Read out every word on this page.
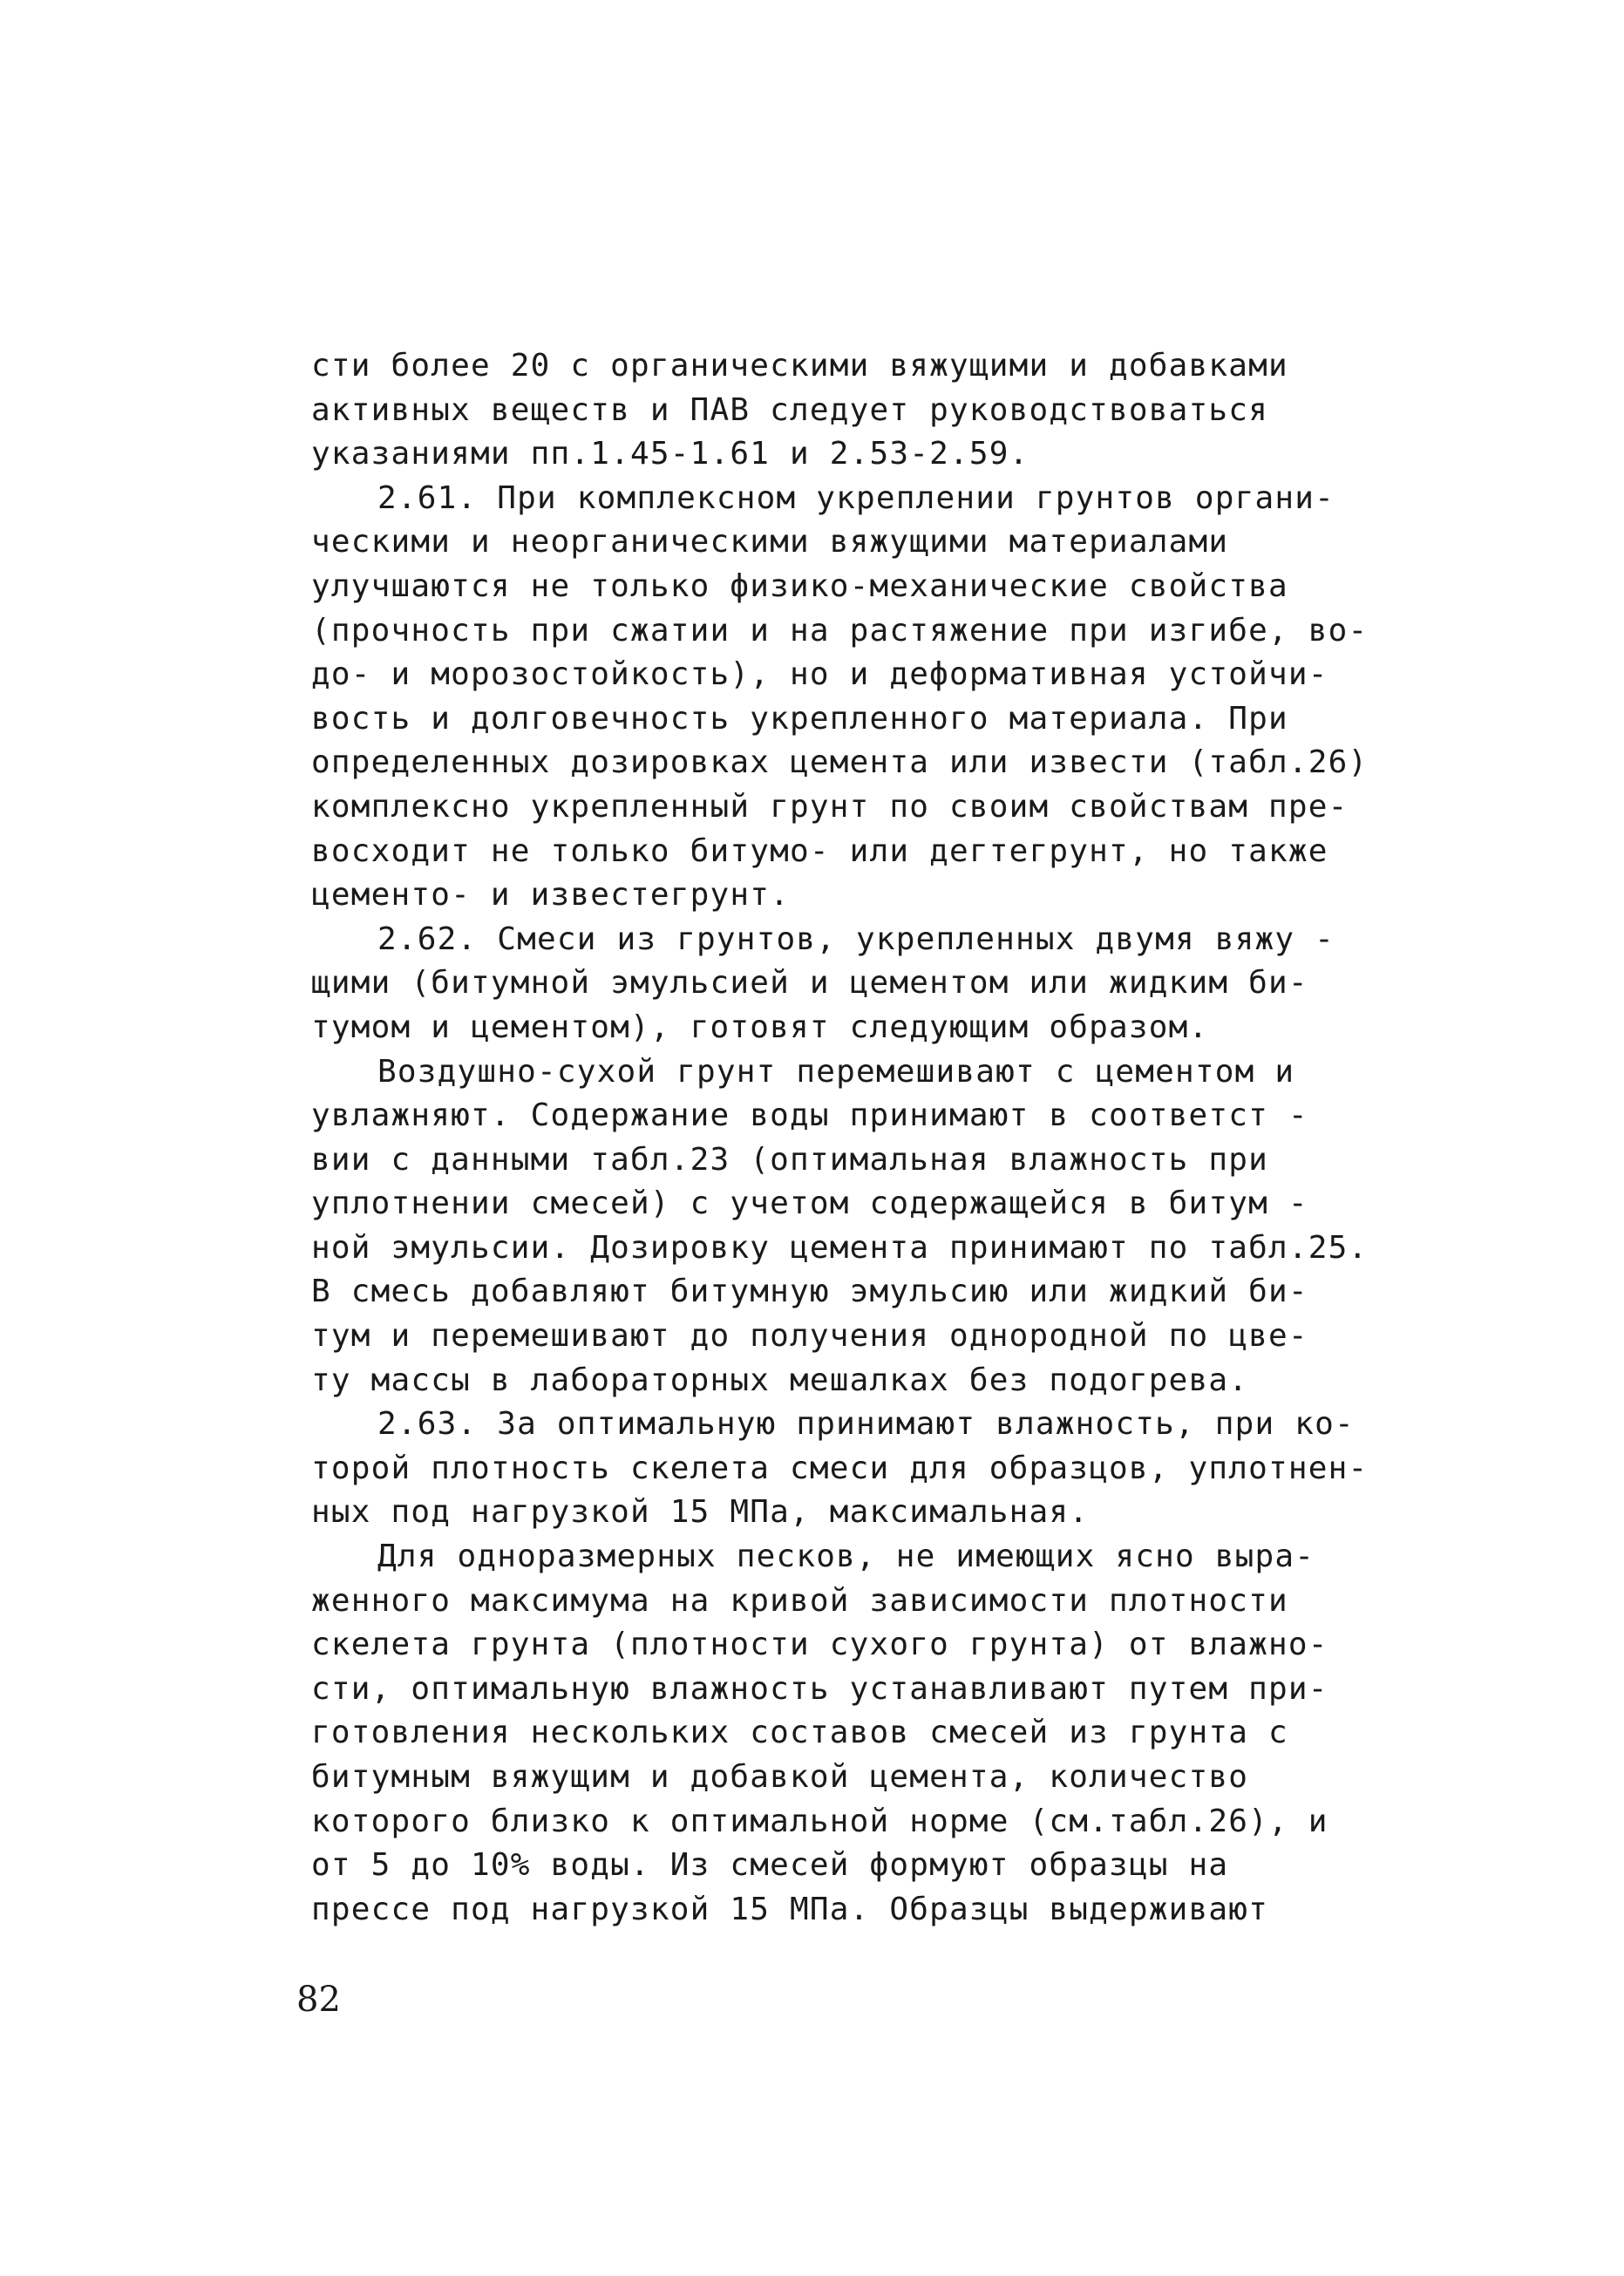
сти более 20 с органическими вяжущими и добавками
активных веществ и ПАВ следует руководствоваться
указаниями пп.1.45-1.61 и 2.53-2.59.
2.61. При комплексном укреплении грунтов органи-
ческими и неорганическими вяжущими материалами
улучшаются не только физико-механические свойства
(прочность при сжатии и на растяжение при изгибе, во-
до- и морозостойкость), но и деформативная устойчи-
вость и долговечность укрепленного материала. При
определенных дозировках цемента или извести (табл.26)
комплексно укрепленный грунт по своим свойствам пре-
восходит не только битумо- или дегтегрунт, но также
цементо- и известегрунт.
2.62. Смеси из грунтов, укрепленных двумя вяжу -
щими (битумной эмульсией и цементом или жидким би-
тумом и цементом), готовят следующим образом.
Воздушно-сухой грунт перемешивают с цементом и
увлажняют. Содержание воды принимают в соответст -
вии с данными табл.23 (оптимальная влажность при
уплотнении смесей) с учетом содержащейся в битум -
ной эмульсии. Дозировку цемента принимают по табл.25.
В смесь добавляют битумную эмульсию или жидкий би-
тум и перемешивают до получения однородной по цве-
ту массы в лабораторных мешалках без подогрева.
2.63. За оптимальную принимают влажность, при ко-
торой плотность скелета смеси для образцов, уплотнен-
ных под нагрузкой 15 МПа, максимальная.
Для одноразмерных песков, не имеющих ясно выра-
женного максимума на кривой зависимости плотности
скелета грунта (плотности сухого грунта) от влажно-
сти, оптимальную влажность устанавливают путем при-
готовления нескольких составов смесей из грунта с
битумным вяжущим и добавкой цемента, количество
которого близко к оптимальной норме (см.табл.26), и
от 5 до 10% воды. Из смесей формуют образцы на
прессе под нагрузкой 15 МПа. Образцы выдерживают
82
